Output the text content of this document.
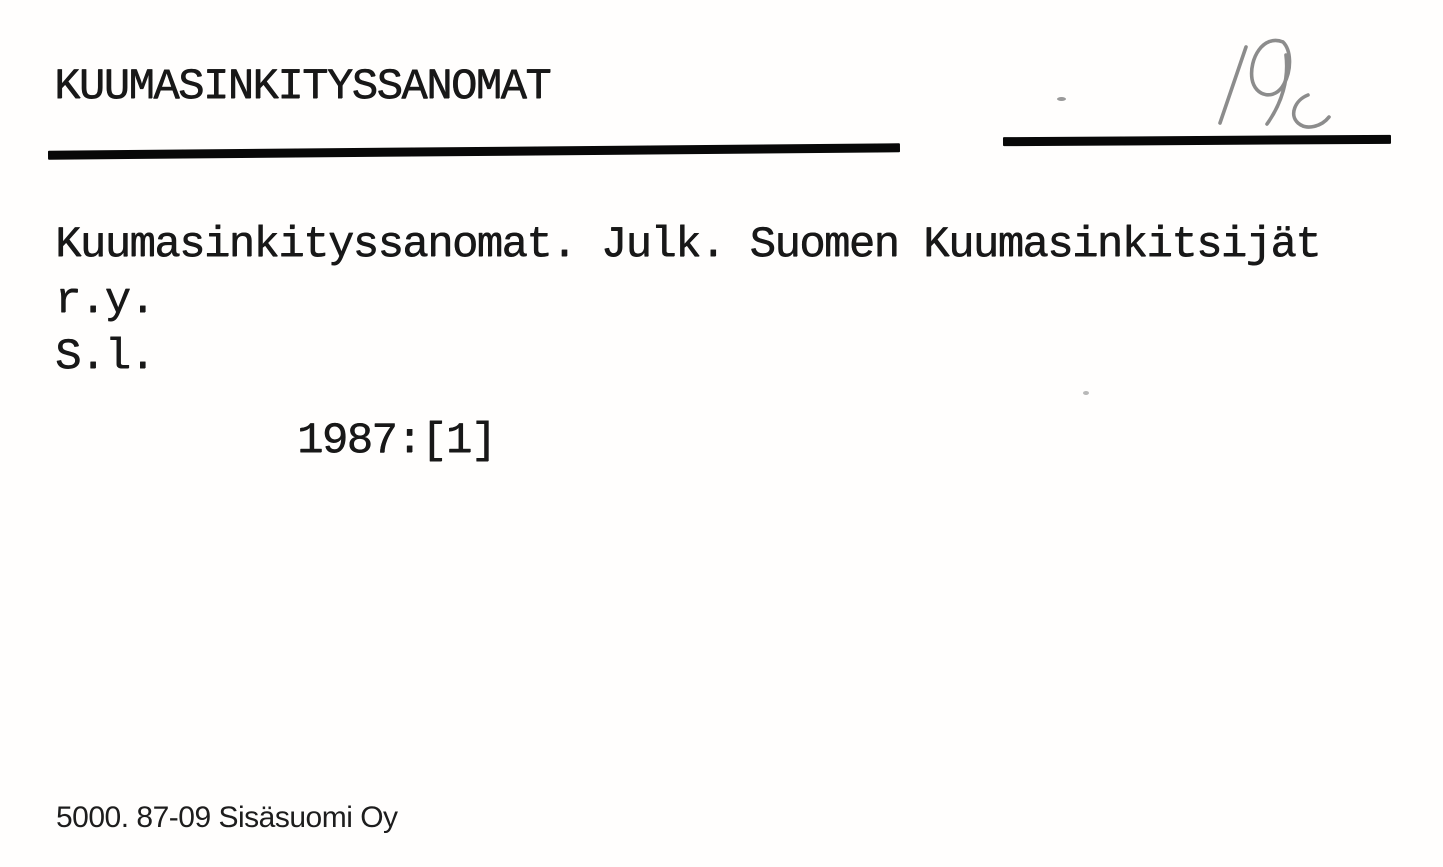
KUUMASINKITYSSANOMAT
Kuumasinkityssanomat. Julk. Suomen Kuumasinkitsijät
r.y.
S.l.
1987:[1]
5000. 87-09 Sisäsuomi Oy
